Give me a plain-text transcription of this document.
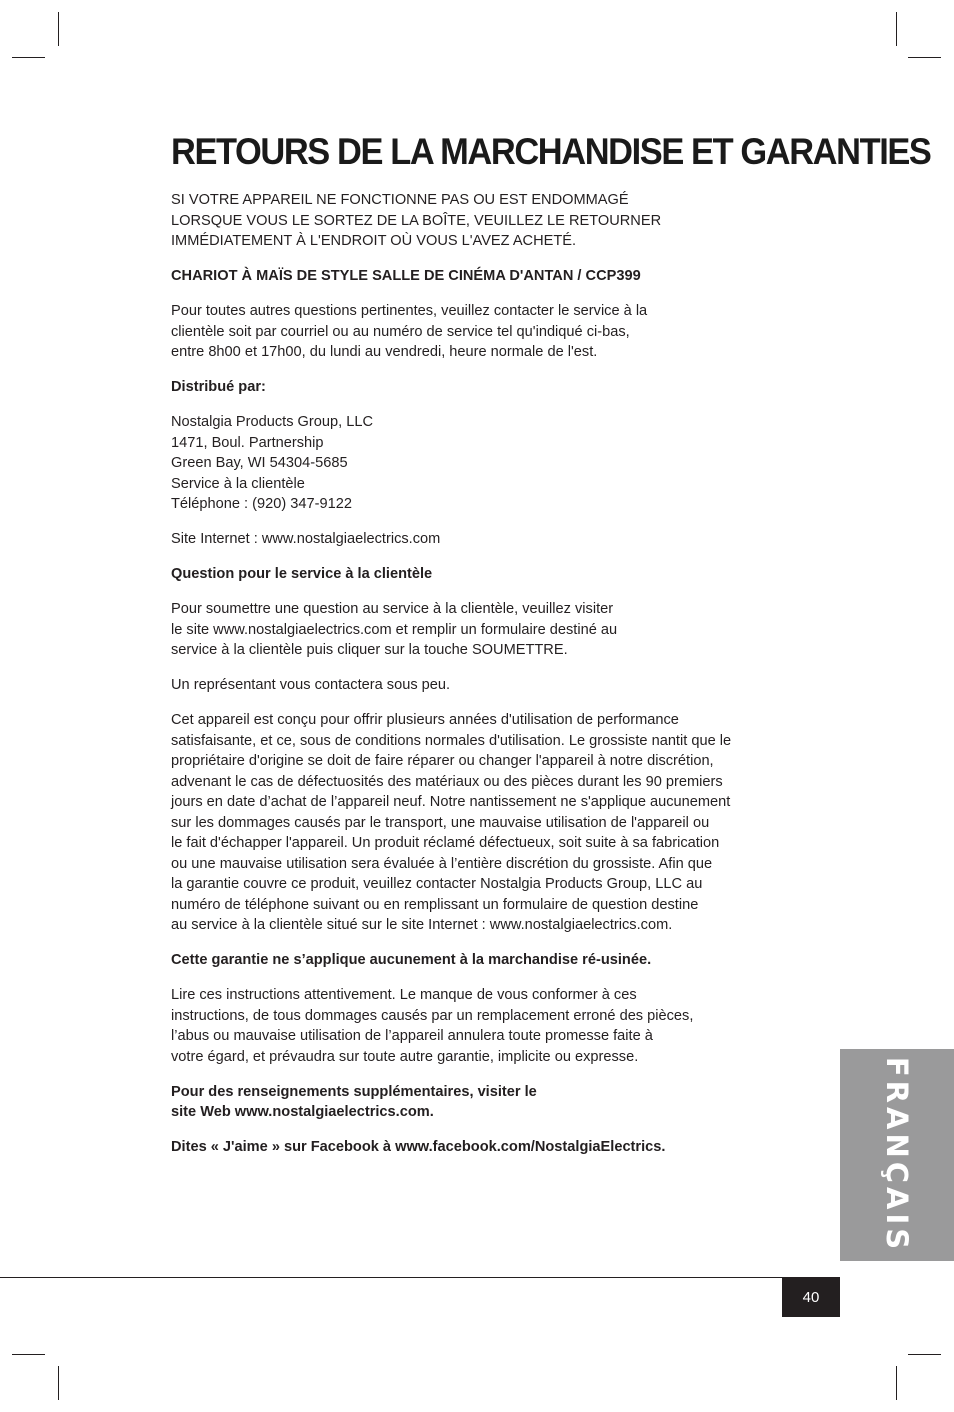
RETOURS DE LA MARCHANDISE ET GARANTIES

SI VOTRE APPAREIL NE FONCTIONNE PAS OU EST ENDOMMAGÉ
LORSQUE VOUS LE SORTEZ DE LA BOÎTE, VEUILLEZ LE RETOURNER
IMMÉDIATEMENT À L'ENDROIT OÙ VOUS L'AVEZ ACHETÉ.

CHARIOT À MAÏS DE STYLE SALLE DE CINÉMA D'ANTAN / CCP399

Pour toutes autres questions pertinentes, veuillez contacter le service à la
clientèle soit par courriel ou au numéro de service tel qu'indiqué ci-bas,
entre 8h00 et 17h00, du lundi au vendredi, heure normale de l'est.

Distribué par:

Nostalgia Products Group, LLC
1471, Boul. Partnership
Green Bay, WI 54304-5685
Service à la clientèle
Téléphone : (920) 347-9122

Site Internet : www.nostalgiaelectrics.com

Question pour le service à la clientèle

Pour soumettre une question au service à la clientèle, veuillez visiter
le site www.nostalgiaelectrics.com et remplir un formulaire destiné au
service à la clientèle puis cliquer sur la touche SOUMETTRE.

Un représentant vous contactera sous peu.

Cet appareil est conçu pour offrir plusieurs années d'utilisation de performance
satisfaisante, et ce, sous de conditions normales d'utilisation. Le grossiste nantit que le
propriétaire d'origine se doit de faire réparer ou changer l'appareil à notre discrétion,
advenant le cas de défectuosités des matériaux ou des pièces durant les 90 premiers
jours en date d’achat de l’appareil neuf. Notre nantissement ne s'applique aucunement
sur les dommages causés par le transport, une mauvaise utilisation de l'appareil ou
le fait d'échapper l'appareil. Un produit réclamé défectueux, soit suite à sa fabrication
ou une mauvaise utilisation sera évaluée à l’entière discrétion du grossiste. Afin que
la garantie couvre ce produit, veuillez contacter Nostalgia Products Group, LLC au
numéro de téléphone suivant ou en remplissant un formulaire de question destine
au service à la clientèle situé sur le site Internet : www.nostalgiaelectrics.com.

Cette garantie ne s’applique aucunement à la marchandise ré-usinée.

Lire ces instructions attentivement. Le manque de vous conformer à ces
instructions, de tous dommages causés par un remplacement erroné des pièces,
l’abus ou mauvaise utilisation de l’appareil annulera toute promesse faite à
votre égard, et prévaudra sur toute autre garantie, implicite ou expresse.

Pour des renseignements supplémentaires, visiter le
site Web www.nostalgiaelectrics.com.

Dites « J'aime » sur Facebook à www.facebook.com/NostalgiaElectrics.	FRANÇAIS
40
